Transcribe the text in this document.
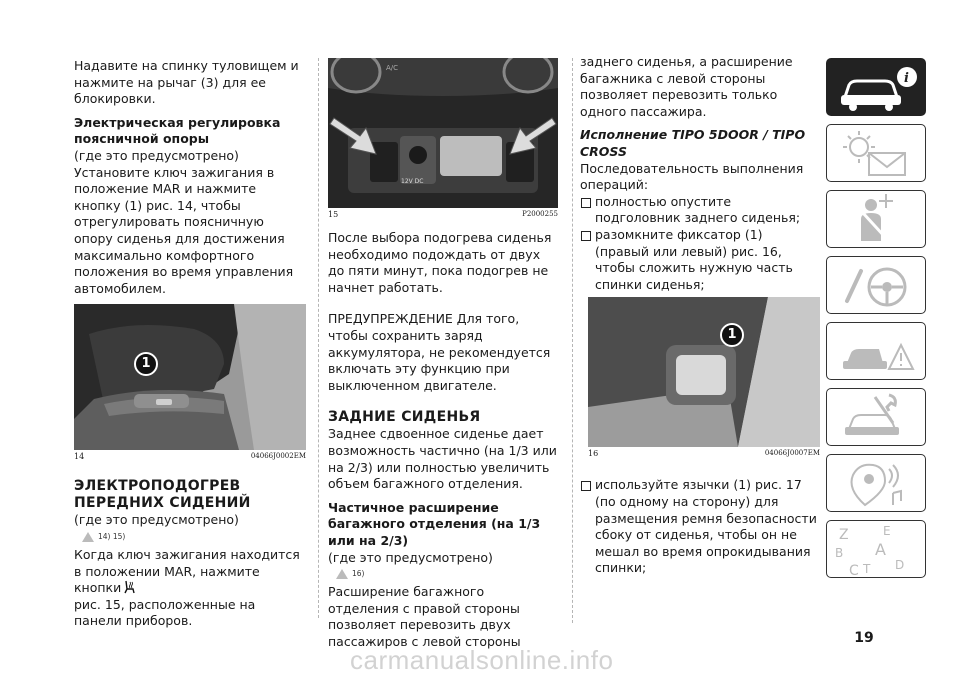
Надавите на спинку туловищем и нажмите на рычаг (3) для ее блокировки.

Электрическая регулировка поясничной опоры

(где это предусмотрено)

Установите ключ зажигания в положение MAR и нажмите кнопку (1) рис. 14, чтобы отрегулировать поясничную опору сиденья для достижения максимально комфортного положения во время управления автомобилем.

1
14	04066J0002EM

ЭЛЕКТРОПОДОГРЕВ ПЕРЕДНИХ СИДЕНИЙ

(где это предусмотрено)

14) 15)

Когда ключ зажигания находится в положении MAR, нажмите кнопки

рис. 15, расположенные на панели приборов.

A/C
12V DC
15	P2000255

После выбора подогрева сиденья необходимо подождать от двух до пяти минут, пока подогрев не начнет работать.

ПРЕДУПРЕЖДЕНИЕ Для того, чтобы сохранить заряд аккумулятора, не рекомендуется включать эту функцию при выключенном двигателе.

ЗАДНИЕ СИДЕНЬЯ

Заднее сдвоенное сиденье дает возможность частично (на 1/3 или на 2/3) или полностью увеличить объем багажного отделения.

Частичное расширение багажного отделения (на 1/3 или на 2/3)

(где это предусмотрено)

16)

Расширение багажного отделения с правой стороны позволяет перевозить двух пассажиров с левой стороны

заднего сиденья, а расширение багажника с левой стороны позволяет перевозить только одного пассажира.

Исполнение TIPO 5DOOR / TIPO CROSS

Последовательность выполнения операций:

полностью опустите подголовник заднего сиденья;

разомкните фиксатор (1) (правый или левый) рис. 16, чтобы сложить нужную часть спинки сиденья;

1
16	04066J0007EM

используйте язычки (1) рис. 17 (по одному на сторону) для размещения ремня безопасности сбоку от сиденья, чтобы он не мешал во время опрокидывания спинки;

i
Z	E
B A
C T D
19
carmanualsonline.info
